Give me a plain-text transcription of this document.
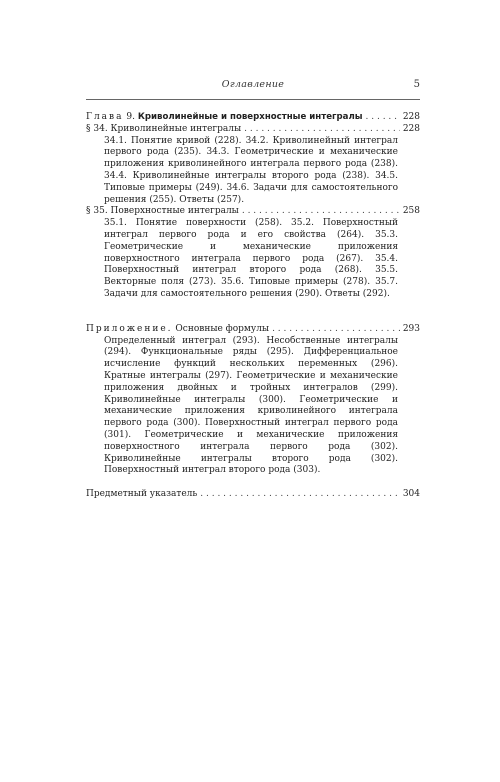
Оглавление	5
Глава 9. Криволинейные и поверхностные интегралы . . .	228
§ 34. Криволинейные интегралы . . .	228
34.1. Понятие кривой (228). 34.2. Криволинейный интеграл первого рода (235). 34.3. Геометрические и механические приложения криволинейного интеграла первого рода (238). 34.4. Криволинейные интегралы второго рода (238). 34.5. Типовые примеры (249). 34.6. Задачи для самостоятельного решения (255). Ответы (257).
§ 35. Поверхностные интегралы . . .	258
35.1. Понятие поверхности (258). 35.2. Поверхностный интеграл первого рода и его свойства (264). 35.3. Геометрические и механические приложения поверхностного интеграла первого рода (267). 35.4. Поверхностный интеграл второго рода (268). 35.5. Векторные поля (273). 35.6. Типовые примеры (278). 35.7. Задачи для самостоятельного решения (290). Ответы (292).
Приложение. Основные формулы . . .	293
Определенный интеграл (293). Несобственные интегралы (294). Функциональные ряды (295). Дифференциальное исчисление функций нескольких переменных (296). Кратные интегралы (297). Геометрические и механические приложения двойных и тройных интегралов (299). Криволинейные интегралы (300). Геометрические и механические приложения криволинейного интеграла первого рода (300). Поверхностный интеграл первого рода (301). Геометрические и механические приложения поверхностного интеграла первого рода (302). Криволинейные интегралы второго рода (302). Поверхностный интеграл второго рода (303).
Предметный указатель . . .	304
